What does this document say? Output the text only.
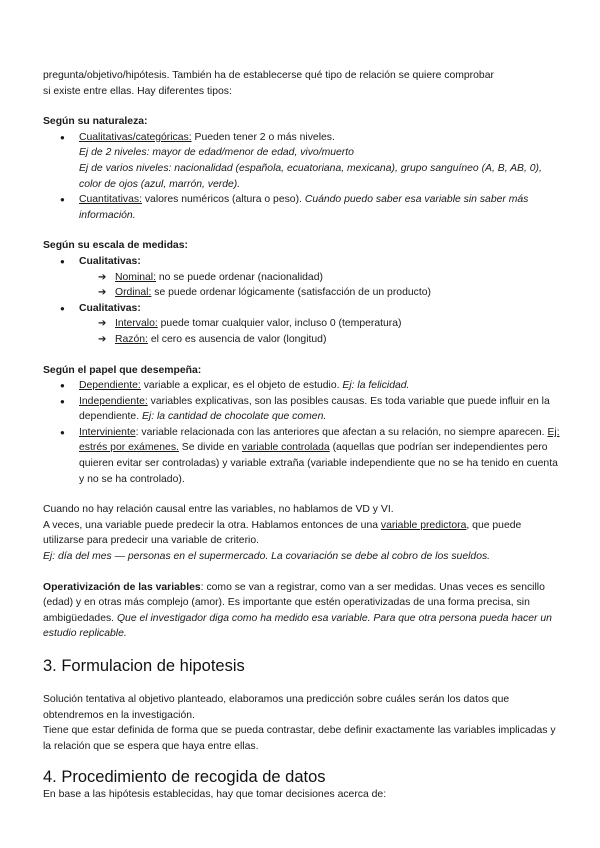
pregunta/objetivo/hipótesis. También ha de establecerse qué tipo de relación se quiere comprobar

si existe entre ellas. Hay diferentes tipos:

Según su naturaleza:

● Cualitativas/categóricas: Pueden tener 2 o más niveles.

Ej de 2 niveles: mayor de edad/menor de edad, vivo/muerto

Ej de varios niveles: nacionalidad (española, ecuatoriana, mexicana), grupo sanguíneo (A, B, AB, 0), color de ojos (azul, marrón, verde).

● Cuantitativas: valores numéricos (altura o peso). Cuándo puedo saber esa variable sin saber más información.

Según su escala de medidas:

● Cualitativas:
➔ Nominal: no se puede ordenar (nacionalidad)
➔ Ordinal: se puede ordenar lógicamente (satisfacción de un producto)
● Cualitativas:
➔ Intervalo: puede tomar cualquier valor, incluso 0 (temperatura)
➔ Razón: el cero es ausencia de valor (longitud)

Según el papel que desempeña:

● Dependiente: variable a explicar, es el objeto de estudio. Ej: la felicidad.
● Independiente: variables explicativas, son las posibles causas. Es toda variable que puede influir en la dependiente. Ej: la cantidad de chocolate que comen.
● Interviniente: variable relacionada con las anteriores que afectan a su relación, no siempre aparecen. Ej: estrés por exámenes. Se divide en variable controlada (aquellas que podrían ser independientes pero quieren evitar ser controladas) y variable extraña (variable independiente que no se ha tenido en cuenta y no se ha controlado).

Cuando no hay relación causal entre las variables, no hablamos de VD y VI.

A veces, una variable puede predecir la otra. Hablamos entonces de una variable predictora, que puede utilizarse para predecir una variable de criterio.

Ej: día del mes — personas en el supermercado. La covariación se debe al cobro de los sueldos.

Operativización de las variables: como se van a registrar, como van a ser medidas. Unas veces es sencillo (edad) y en otras más complejo (amor). Es importante que estén operativizadas de una forma precisa, sin ambigüedades. Que el investigador diga como ha medido esa variable. Para que otra persona pueda hacer un estudio replicable.

3. Formulacion de hipotesis

Solución tentativa al objetivo planteado, elaboramos una predicción sobre cuáles serán los datos que obtendremos en la investigación.

Tiene que estar definida de forma que se pueda contrastar, debe definir exactamente las variables implicadas y la relación que se espera que haya entre ellas.

4. Procedimiento de recogida de datos

En base a las hipótesis establecidas, hay que tomar decisiones acerca de:
